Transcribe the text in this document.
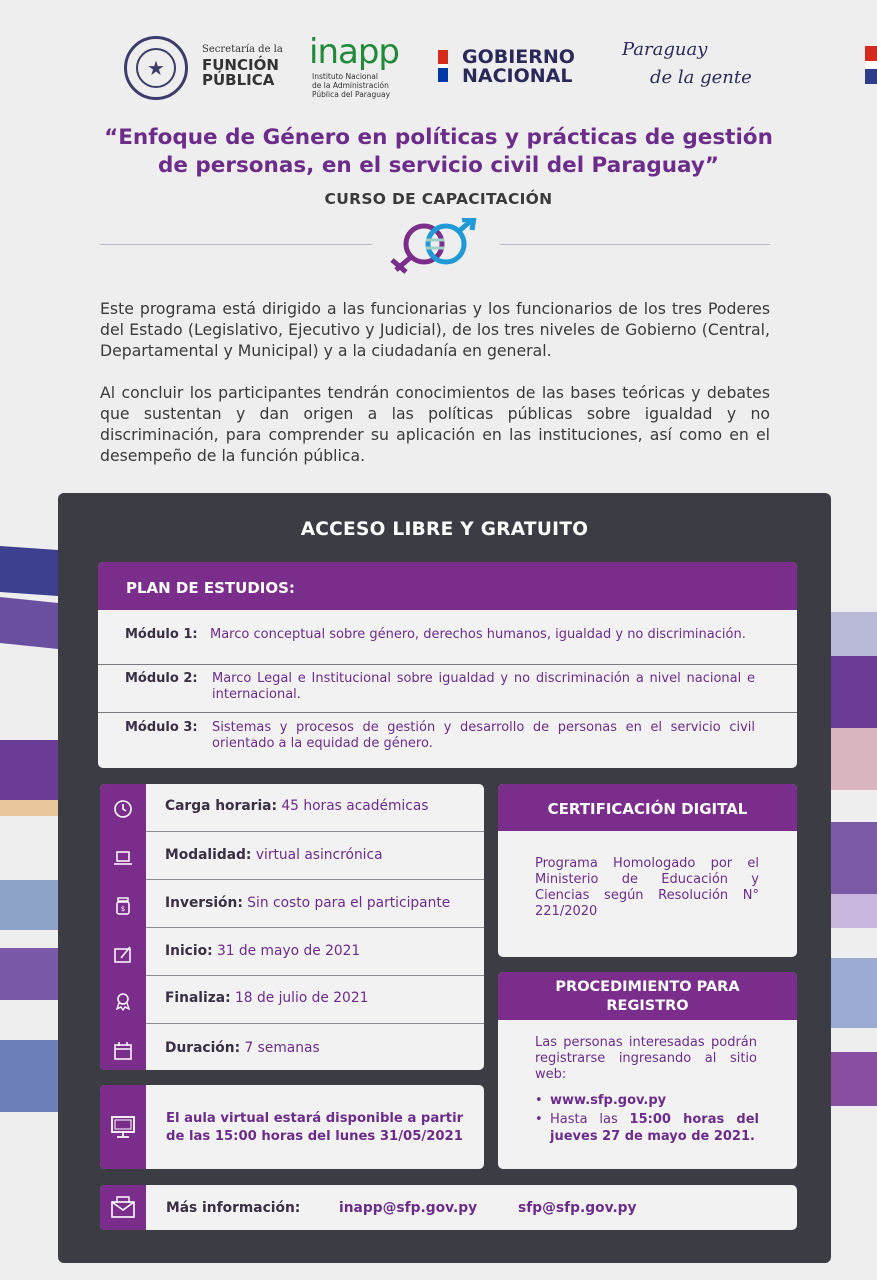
★
Secretaría de la
FUNCIÓN
PÚBLICA
inapp
Instituto Nacional
de la Administración
Pública del Paraguay
GOBIERNO
NACIONAL
Paraguay
de la gente
“Enfoque de Género en políticas y prácticas de gestión
de personas, en el servicio civil del Paraguay”
CURSO DE CAPACITACIÓN

Este programa está dirigido a las funcionarias y los funcionarios de los tres Poderes del Estado (Legislativo, Ejecutivo y Judicial), de los tres niveles de Gobierno (Central, Departamental y Municipal) y a la ciudadanía en general.

Al concluir los participantes tendrán conocimientos de las bases teóricas y debates que sustentan y dan origen a las políticas públicas sobre igualdad y no discriminación, para comprender su aplicación en las instituciones, así como en el desempeño de la función pública.

ACCESO LIBRE Y GRATUITO
PLAN DE ESTUDIOS:
Módulo 1: Marco conceptual sobre género, derechos humanos, igualdad y no discriminación.
Módulo 2: Marco Legal e Institucional sobre igualdad y no discriminación a nivel nacional e internacional.
Módulo 3: Sistemas y procesos de gestión y desarrollo de personas en el servicio civil orientado a la equidad de género.
Carga horaria: 45 horas académicas
Modalidad: virtual asincrónica
$	Inversión: Sin costo para el participante
Inicio: 31 de mayo de 2021
Finaliza: 18 de julio de 2021
Duración: 7 semanas
El aula virtual estará disponible a partir de las 15:00 horas del lunes 31/05/2021
CERTIFICACIÓN DIGITAL
Programa Homologado por el Ministerio de Educación y Ciencias según Resolución N° 221/2020
PROCEDIMIENTO PARA
REGISTRO
Las personas interesadas podrán registrarse ingresando al sitio web:
• www.sfp.gov.py
• Hasta las 15:00 horas del jueves 27 de mayo de 2021.
Más información:	inapp@sfp.gov.py	sfp@sfp.gov.py
